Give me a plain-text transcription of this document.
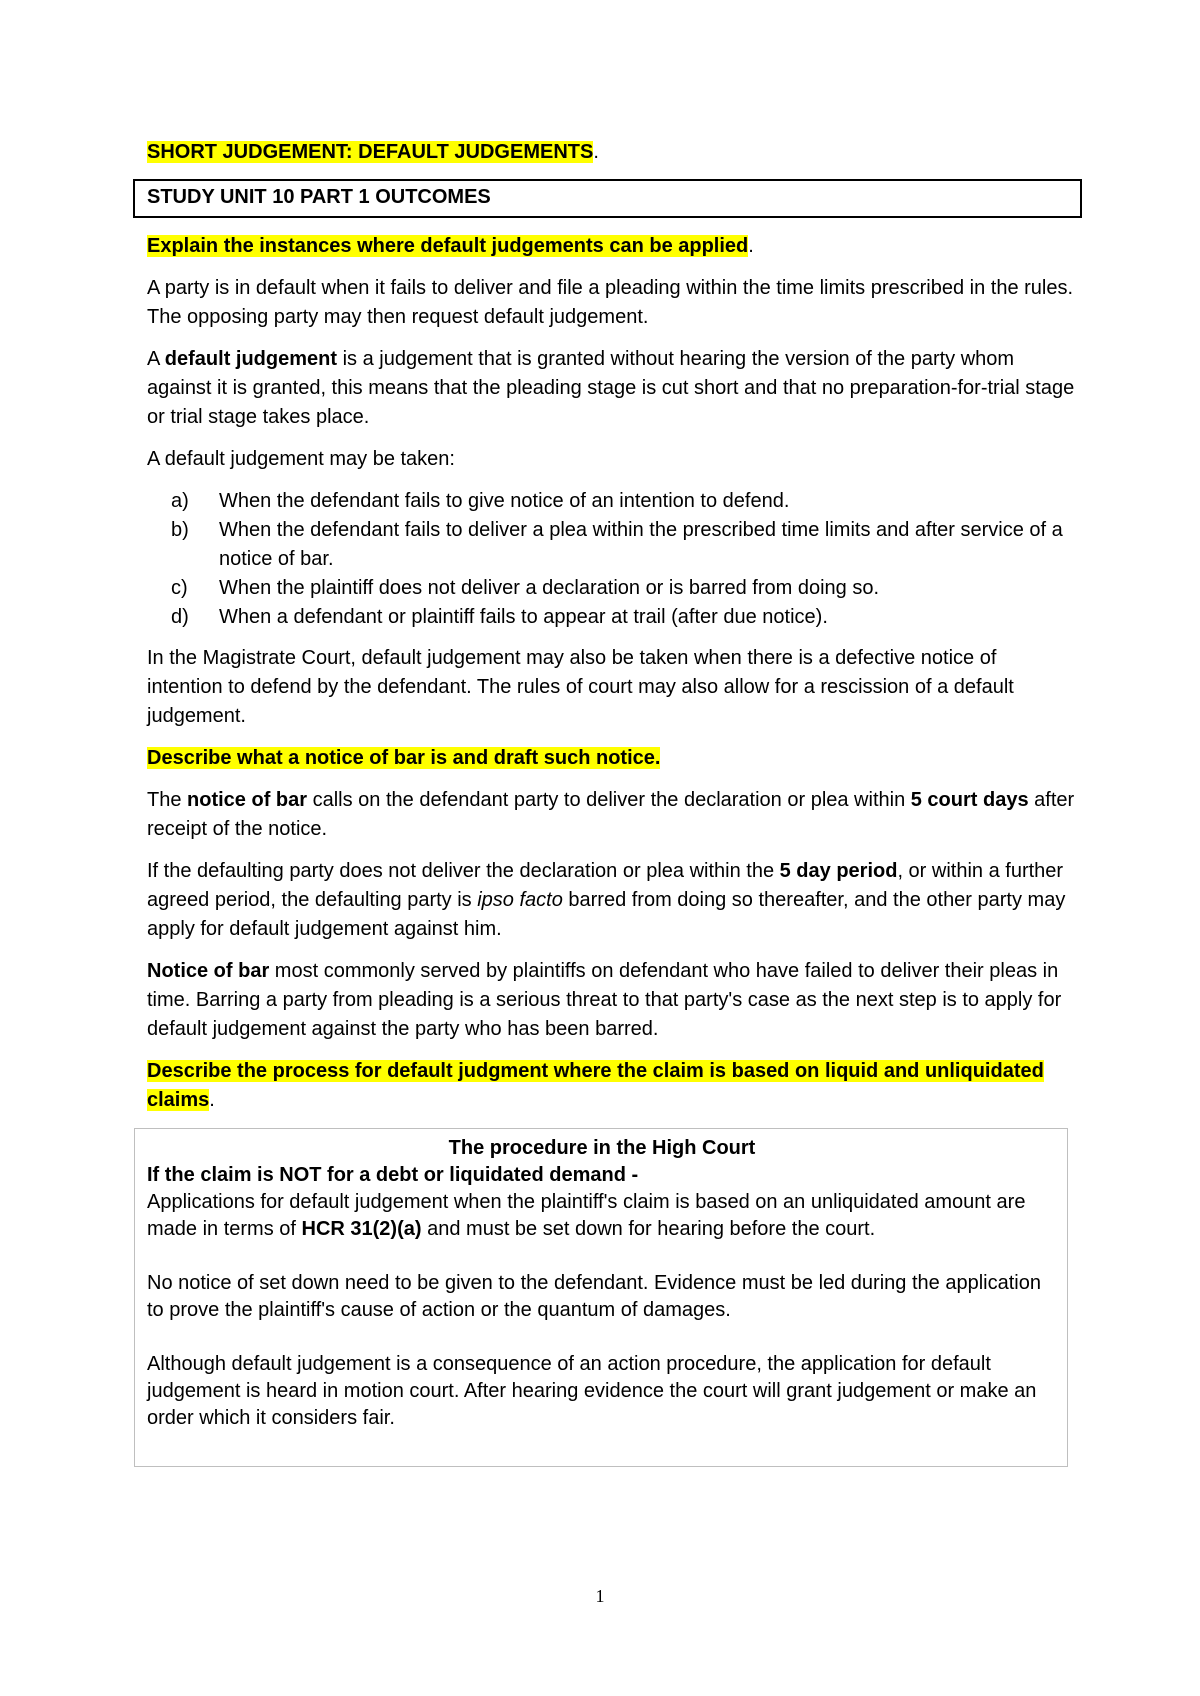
SHORT JUDGEMENT: DEFAULT JUDGEMENTS.
STUDY UNIT 10 PART 1 OUTCOMES
Explain the instances where default judgements can be applied.

A party is in default when it fails to deliver and file a pleading within the time limits prescribed in the rules. The opposing party may then request default judgement.

A default judgement is a judgement that is granted without hearing the version of the party whom against it is granted, this means that the pleading stage is cut short and that no preparation-for-trial stage or trial stage takes place.

A default judgement may be taken:

a) When the defendant fails to give notice of an intention to defend.
b) When the defendant fails to deliver a plea within the prescribed time limits and after service of a notice of bar.
c) When the plaintiff does not deliver a declaration or is barred from doing so.
d) When a defendant or plaintiff fails to appear at trail (after due notice).

In the Magistrate Court, default judgement may also be taken when there is a defective notice of intention to defend by the defendant. The rules of court may also allow for a rescission of a default judgement.

Describe what a notice of bar is and draft such notice.

The notice of bar calls on the defendant party to deliver the declaration or plea within 5 court days after receipt of the notice.

If the defaulting party does not deliver the declaration or plea within the 5 day period, or within a further agreed period, the defaulting party is ipso facto barred from doing so thereafter, and the other party may apply for default judgement against him.

Notice of bar most commonly served by plaintiffs on defendant who have failed to deliver their pleas in time. Barring a party from pleading is a serious threat to that party's case as the next step is to apply for default judgement against the party who has been barred.

Describe the process for default judgment where the claim is based on liquid and unliquidated claims.
The procedure in the High Court
If the claim is NOT for a debt or liquidated demand -

Applications for default judgement when the plaintiff's claim is based on an unliquidated amount are made in terms of HCR 31(2)(a) and must be set down for hearing before the court.

No notice of set down need to be given to the defendant. Evidence must be led during the application to prove the plaintiff's cause of action or the quantum of damages.

Although default judgement is a consequence of an action procedure, the application for default judgement is heard in motion court. After hearing evidence the court will grant judgement or make an order which it considers fair.

1
